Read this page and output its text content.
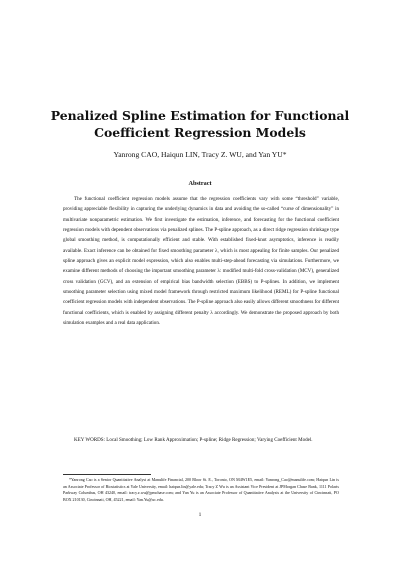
Penalized Spline Estimation for Functional Coefficient Regression Models
Yanrong CAO, Haiqun LIN, Tracy Z. WU, and Yan YU*
Abstract

The functional coefficient regression models assume that the regression coefficients vary with some “threshold” variable, providing appreciable flexibility in capturing the underlying dynamics in data and avoiding the so-called “curse of dimensionality” in multivariate nonparametric estimation. We first investigate the estimation, inference, and forecasting for the functional coefficient regression models with dependent observations via penalized splines. The P-spline approach, as a direct ridge regression shrinkage type global smoothing method, is computationally efficient and stable. With established fixed-knot asymptotics, inference is readily available. Exact inference can be obtained for fixed smoothing parameter λ, which is most appealing for finite samples. Our penalized spline approach gives an explicit model expression, which also enables multi-step-ahead forecasting via simulations. Furthermore, we examine different methods of choosing the important smoothing parameter λ: modified multi-fold cross-validation (MCV), generalized cross validation (GCV), and an extension of empirical bias bandwidth selection (EBBS) to P-splines. In addition, we implement smoothing parameter selection using mixed model framework through restricted maximum likelihood (REML) for P-spline functional coefficient regression models with independent observations. The P-spline approach also easily allows different smoothness for different functional coefficients, which is enabled by assigning different penalty λ accordingly. We demonstrate the proposed approach by both simulation examples and a real data application.

KEY WORDS: Local Smoothing; Low Rank Approximation; P-spline; Ridge Regression; Varying Coefficient Model.

*Yanrong Cao is a Senior Quantitative Analyst at Manulife Financial, 200 Bloor St. E., Toronto, ON M4W1E5, email: Yanrong_Cao@manulife.com; Haiqun Lin is an Associate Professor of Biostatistics at Yale University, email: haiqun.lin@yale.edu; Tracy Z Wu is an Assistant Vice President at JPMorgan Chase Bank, 1111 Polaris Parkway Columbus, OH 43240, email: tracy.z.wu@jpmchase.com; and Yan Yu is an Associate Professor of Quantitative Analysis at the University of Cincinnati, PO BOX 210130, Cincinnati, OH, 45221, email: Yan.Yu@uc.edu.
1
